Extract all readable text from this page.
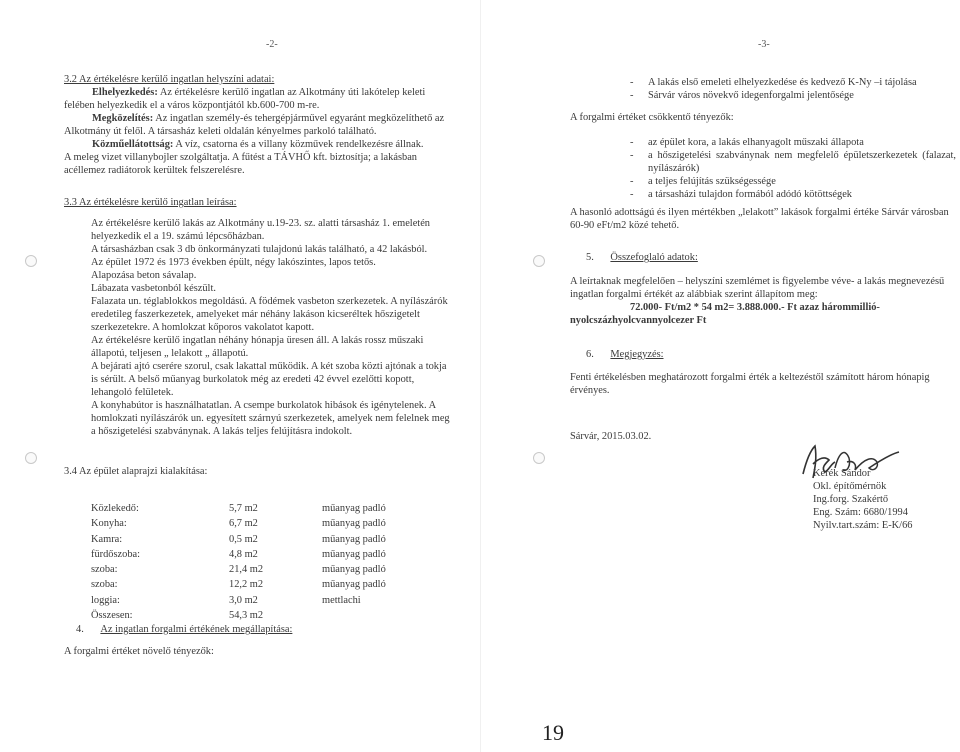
-2-
3.2 Az értékelésre kerülő ingatlan helyszíni adatai:
Elhelyezkedés: Az értékelésre kerülő ingatlan az Alkotmány úti lakótelep keleti
felében helyezkedik el a város központjától kb.600-700 m-re.
Megközelítés: Az ingatlan személy-és tehergépjárművel egyaránt megközelíthető az
Alkotmány út felől. A társasház keleti oldalán kényelmes parkoló található.
Közműellátottság: A víz, csatorna és a villany közművek rendelkezésre állnak.
A meleg vizet villanybojler szolgáltatja. A fűtést a TÁVHŐ kft. biztosítja; a lakásban
acéllemez radiátorok kerültek felszerelésre.
3.3 Az értékelésre kerülő ingatlan leírása:
Az értékelésre kerülő lakás az Alkotmány u.19-23. sz. alatti társasház 1. emeletén
helyezkedik el a 19. számú lépcsőházban.
A társasházban csak 3 db önkormányzati tulajdonú lakás található, a 42 lakásból.
Az épület 1972 és 1973 években épült, négy lakószintes, lapos tetős.
Alapozása beton sávalap.
Lábazata vasbetonból készült.
Falazata un. téglablokkos megoldású. A födémek vasbeton szerkezetek. A nyílászárók
eredetileg faszerkezetek, amelyeket már néhány lakáson kicseréltek hőszigetelt
szerkezetekre. A homlokzat kőporos vakolatot kapott.
Az értékelésre kerülő ingatlan néhány hónapja üresen áll. A lakás rossz műszaki
állapotú, teljesen „ lelakott „ állapotú.
A bejárati ajtó cserére szorul, csak lakattal működik. A két szoba közti ajtónak a tokja
is sérült. A belső műanyag burkolatok még az eredeti 42 évvel ezelőtti kopott,
lehangoló felületek.
A konyhabútor is használhatatlan. A csempe burkolatok hibások és igénytelenek. A
homlokzati nyílászárók un. egyesített szárnyú szerkezetek, amelyek nem felelnek meg
a hőszigetelési szabványnak. A lakás teljes felújításra indokolt.
3.4 Az épület alaprajzi kialakítása:
Közlekedő:	5,7 m2	műanyag padló
Konyha:	6,7 m2	műanyag padló
Kamra:	0,5 m2	műanyag padló
fürdőszoba:	4,8 m2	műanyag padló
szoba:	21,4 m2	műanyag padló
szoba:	12,2 m2	műanyag padló
loggia:	3,0 m2	mettlachi
Összesen:	54,3 m2	
4. Az ingatlan forgalmi értékének megállapítása:
A forgalmi értéket növelő tényezők:
-3-
- A lakás első emeleti elhelyezkedése és kedvező K-Ny –i tájolása
- Sárvár város növekvő idegenforgalmi jelentősége
A forgalmi értéket csökkentő tényezők:
- az épület kora, a lakás elhanyagolt műszaki állapota
- a hőszigetelési szabványnak nem megfelelő épületszerkezetek (falazat, nyílászárók)
- a teljes felújítás szükségessége
- a társasházi tulajdon formából adódó kötöttségek
A hasonló adottságú és ilyen mértékben „lelakott” lakások forgalmi értéke Sárvár városban
60-90 eFt/m2 közé tehető.
5. Összefoglaló adatok:
A leírtaknak megfelelően – helyszíni szemlémet is figyelembe véve- a lakás megnevezésű
ingatlan forgalmi értékét az alábbiak szerint állapítom meg:
72.000- Ft/m2 * 54 m2= 3.888.000.- Ft azaz hárommillió-
nyolcszázhyolcvannyolcezer Ft
6. Megjegyzés:
Fenti értékelésben meghatározott forgalmi érték a keltezéstől számított három hónapig
érvényes.
Sárvár, 2015.03.02.
Kerék Sándor
Okl. építőmérnök
Ing.forg. Szakértő
Eng. Szám: 6680/1994
Nyilv.tart.szám: E-K/66
19
